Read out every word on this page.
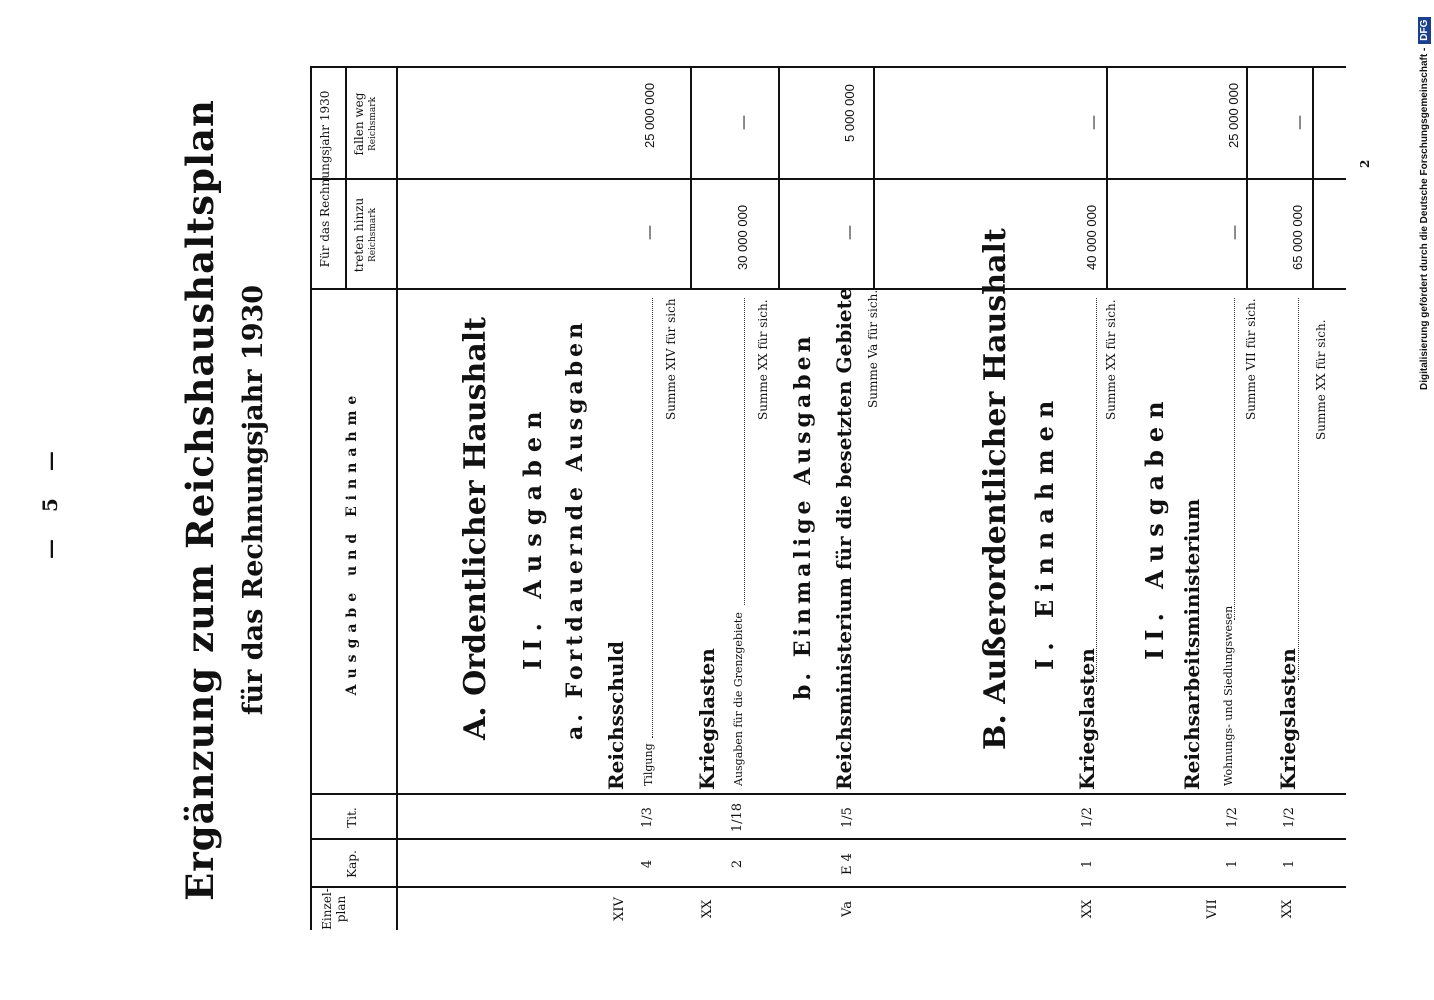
— 5 —	Ergänzung zum Reichshaushaltsplan für das Rechnungsjahr 1930
Einzel-plan
Kap.
Tit.
Ausgabe und Einnahme
Für das Rechnungsjahr 1930 treten hinzu Reichsmark
fallen weg Reichsmark
A. Ordentlicher Haushalt II. Ausgaben a. Fortdauernde Ausgaben
XIV
4
1/3
Reichsschuld Tilgung
Summe XIV für sich
—
25 000 000
XX
2
1/18
Kriegslasten Ausgaben für die Grenzgebiete
Summe XX für sich.
30 000 000
—
b. Einmalige Ausgaben
Va
E 4
1/5
Reichsministerium für die besetzten Gebiete Summe Va für sich.
—
5 000 000
B. Außerordentlicher Haushalt I. Einnahmen
XX
1
1/2
Kriegslasten
Summe XX für sich.
40 000 000
—
II. Ausgaben
VII
1
1/2
Reichsarbeitsministerium Wohnungs- und Siedlungswesen
Summe VII für sich.
—
25 000 000
XX
1
1/2
Kriegslasten
Summe XX für sich.
65 000 000
—
2	Digitalisierung gefördert durch die Deutsche Forschungsgemeinschaft -DFG
